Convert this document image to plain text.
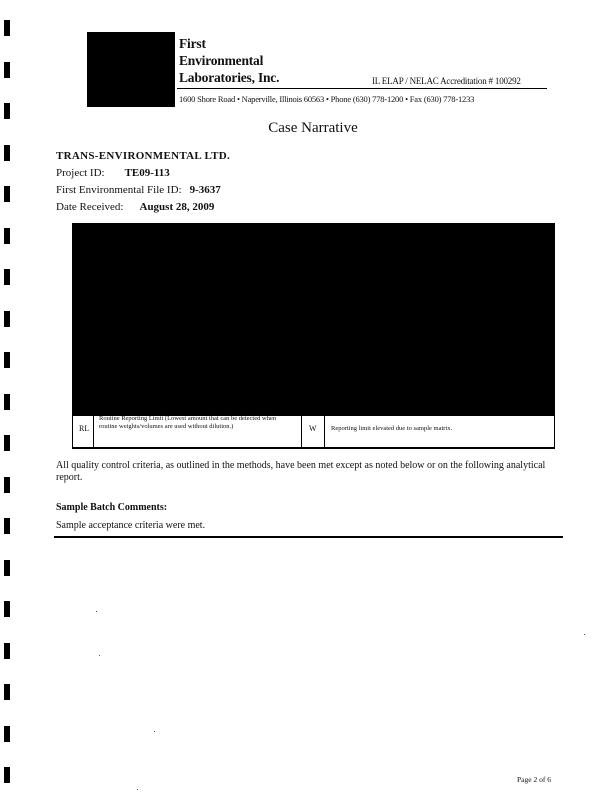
First
Environmental
Laboratories, Inc.	IL ELAP / NELAC Accreditation # 100292
1600 Shore Road • Naperville, Illinois 60563 • Phone (630) 778-1200 • Fax (630) 778-1233
Case Narrative
TRANS-ENVIRONMENTAL LTD.
Project ID: TE09-113
First Environmental File ID: 9-3637
Date Received: August 28, 2009
RL
Routine Reporting Limit (Lowest amount that can be detected when routine weights/volumes are used without dilution.)	W Reporting limit elevated due to sample matrix.
All quality control criteria, as outlined in the methods, have been met except as noted below or on the following analytical report.
Sample Batch Comments:
Sample acceptance criteria were met.
Page 2 of 6
